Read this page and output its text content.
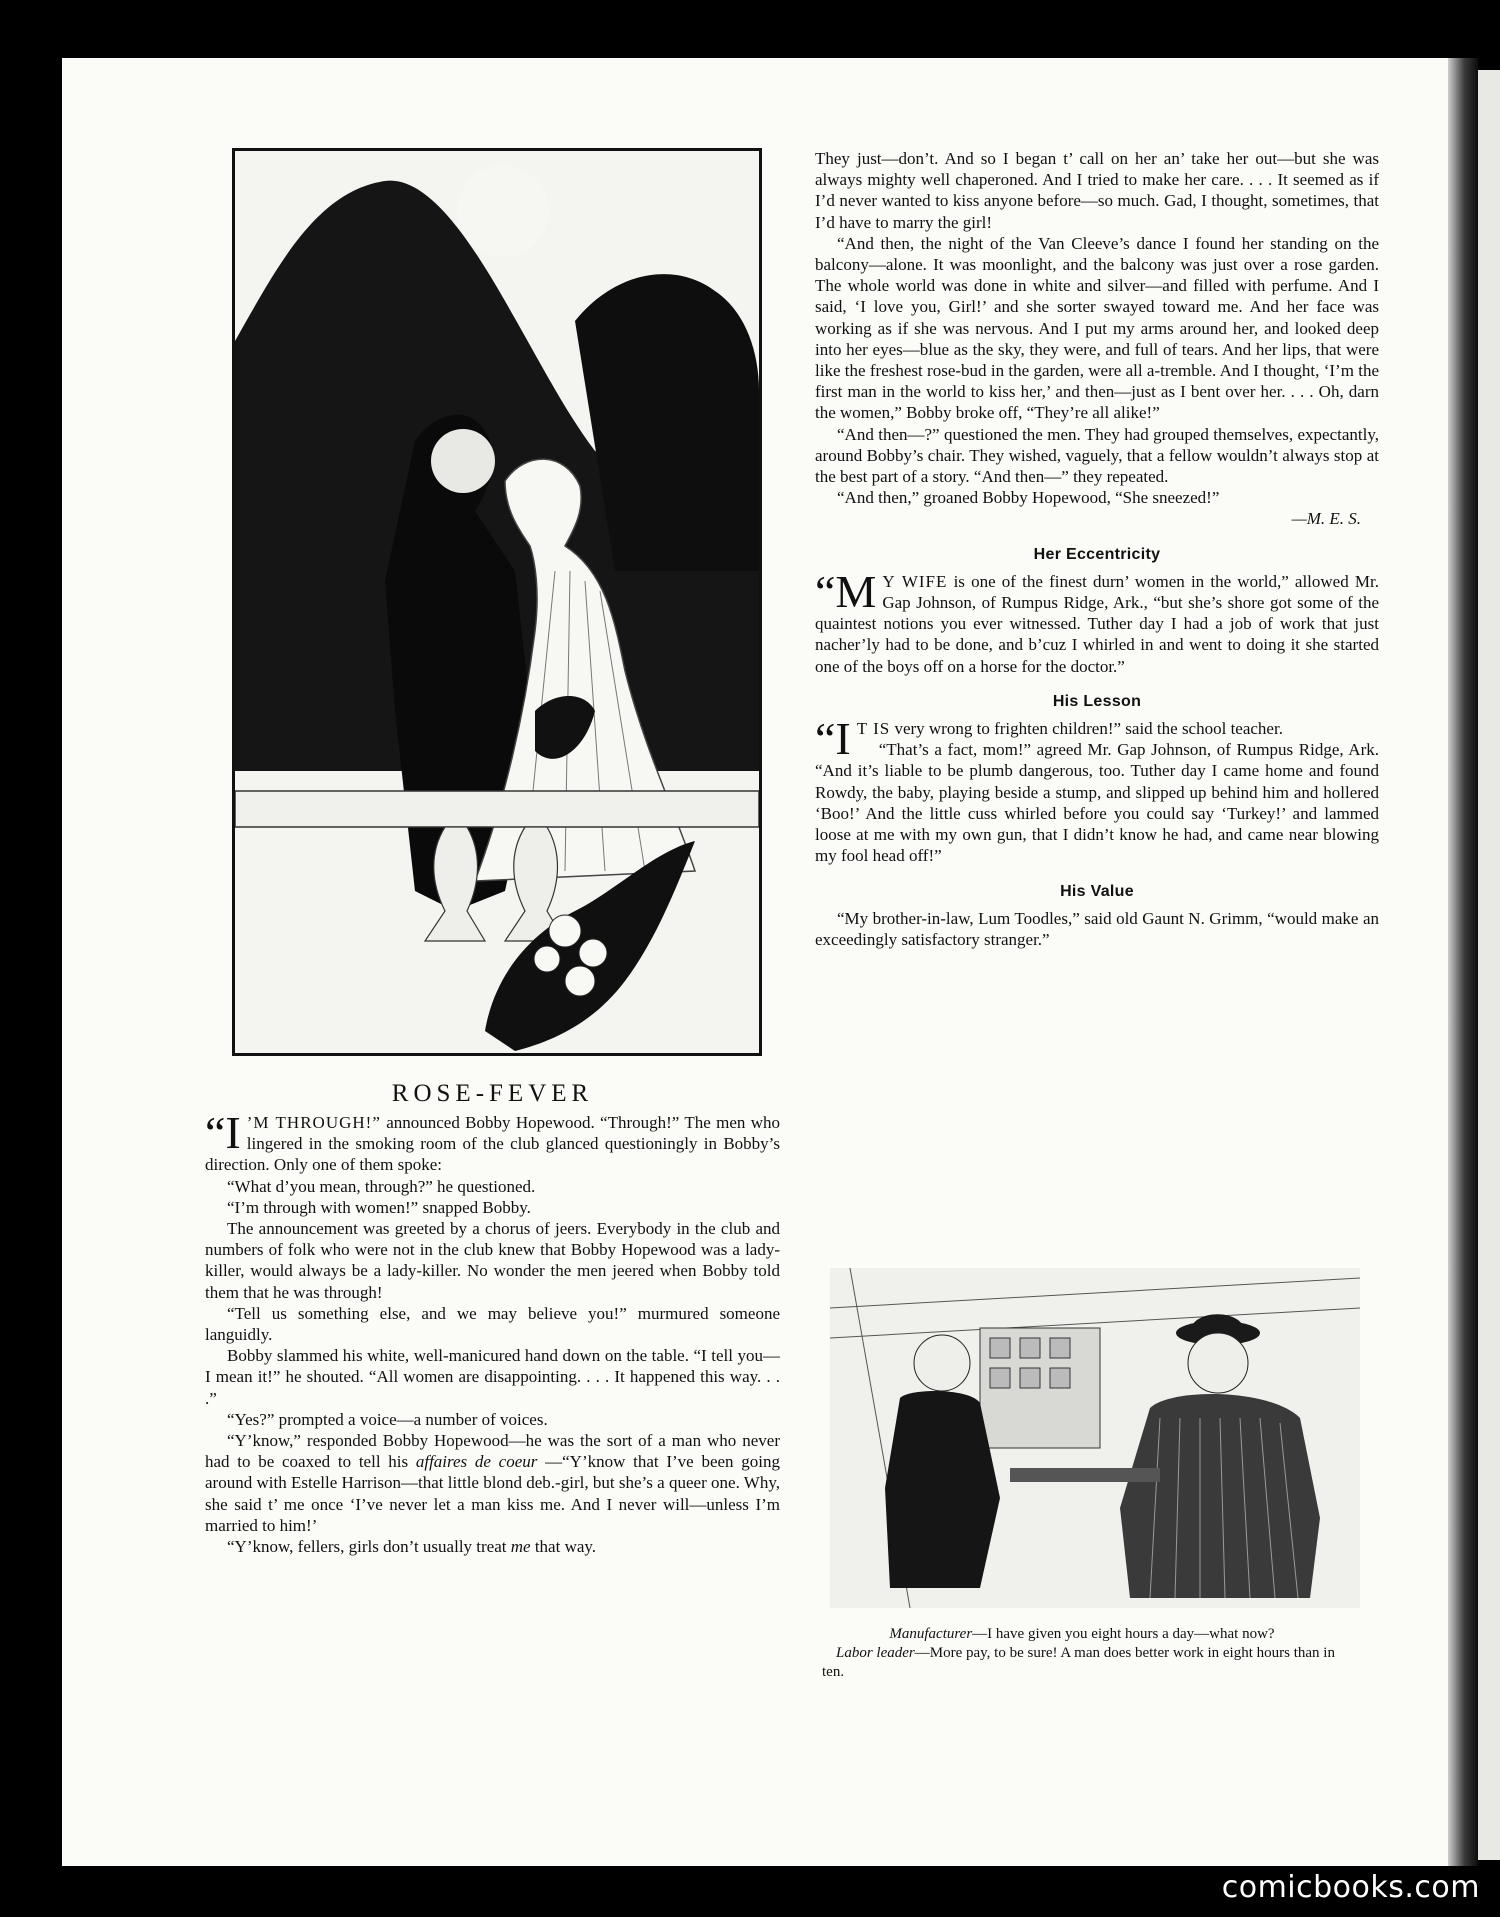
ROSE-FEVER

“I ’M THROUGH!” announced Bobby Hopewood. “Through!” The men who lingered in the smoking room of the club glanced questioningly in Bobby’s direction. Only one of them spoke:

“What d’you mean, through?” he questioned.

“I’m through with women!” snapped Bobby.

The announcement was greeted by a chorus of jeers. Everybody in the club and numbers of folk who were not in the club knew that Bobby Hopewood was a lady-killer, would always be a lady-killer. No wonder the men jeered when Bobby told them that he was through!

“Tell us something else, and we may believe you!” murmured someone languidly.

Bobby slammed his white, well-manicured hand down on the table. “I tell you—I mean it!” he shouted. “All women are disappointing. . . . It happened this way. . . .”

“Yes?” prompted a voice—a number of voices.

“Y’know,” responded Bobby Hopewood—he was the sort of a man who never had to be coaxed to tell his affaires de coeur —“Y’know that I’ve been going around with Estelle Harrison—that little blond deb.-girl, but she’s a queer one. Why, she said t’ me once ‘I’ve never let a man kiss me. And I never will—unless I’m married to him!’

“Y’know, fellers, girls don’t usually treat me that way.

They just—don’t. And so I began t’ call on her an’ take her out—but she was always mighty well chaperoned. And I tried to make her care. . . . It seemed as if I’d never wanted to kiss anyone before—so much. Gad, I thought, sometimes, that I’d have to marry the girl!

“And then, the night of the Van Cleeve’s dance I found her standing on the balcony—alone. It was moonlight, and the balcony was just over a rose garden. The whole world was done in white and silver—and filled with perfume. And I said, ‘I love you, Girl!’ and she sorter swayed toward me. And her face was working as if she was nervous. And I put my arms around her, and looked deep into her eyes—blue as the sky, they were, and full of tears. And her lips, that were like the freshest rose-bud in the garden, were all a-tremble. And I thought, ‘I’m the first man in the world to kiss her,’ and then—just as I bent over her. . . . Oh, darn the women,” Bobby broke off, “They’re all alike!”

“And then—?” questioned the men. They had grouped themselves, expectantly, around Bobby’s chair. They wished, vaguely, that a fellow wouldn’t always stop at the best part of a story. “And then—” they repeated.

“And then,” groaned Bobby Hopewood, “She sneezed!”

—M. E. S.

Her Eccentricity

“M Y WIFE is one of the finest durn’ women in the world,” allowed Mr. Gap Johnson, of Rumpus Ridge, Ark., “but she’s shore got some of the quaintest notions you ever witnessed. Tuther day I had a job of work that just nacher’ly had to be done, and b’cuz I whirled in and went to doing it she started one of the boys off on a horse for the doctor.”

His Lesson

“I T IS very wrong to frighten children!” said the school teacher.

“That’s a fact, mom!” agreed Mr. Gap Johnson, of Rumpus Ridge, Ark. “And it’s liable to be plumb dangerous, too. Tuther day I came home and found Rowdy, the baby, playing beside a stump, and slipped up behind him and hollered ‘Boo!’ And the little cuss whirled before you could say ‘Turkey!’ and lammed loose at me with my own gun, that I didn’t know he had, and came near blowing my fool head off!”

His Value

“My brother-in-law, Lum Toodles,” said old Gaunt N. Grimm, “would make an exceedingly satisfactory stranger.”

Manufacturer—I have given you eight hours a day—what now?
Labor leader—More pay, to be sure! A man does better work in eight hours than in ten.
comicbooks.com
